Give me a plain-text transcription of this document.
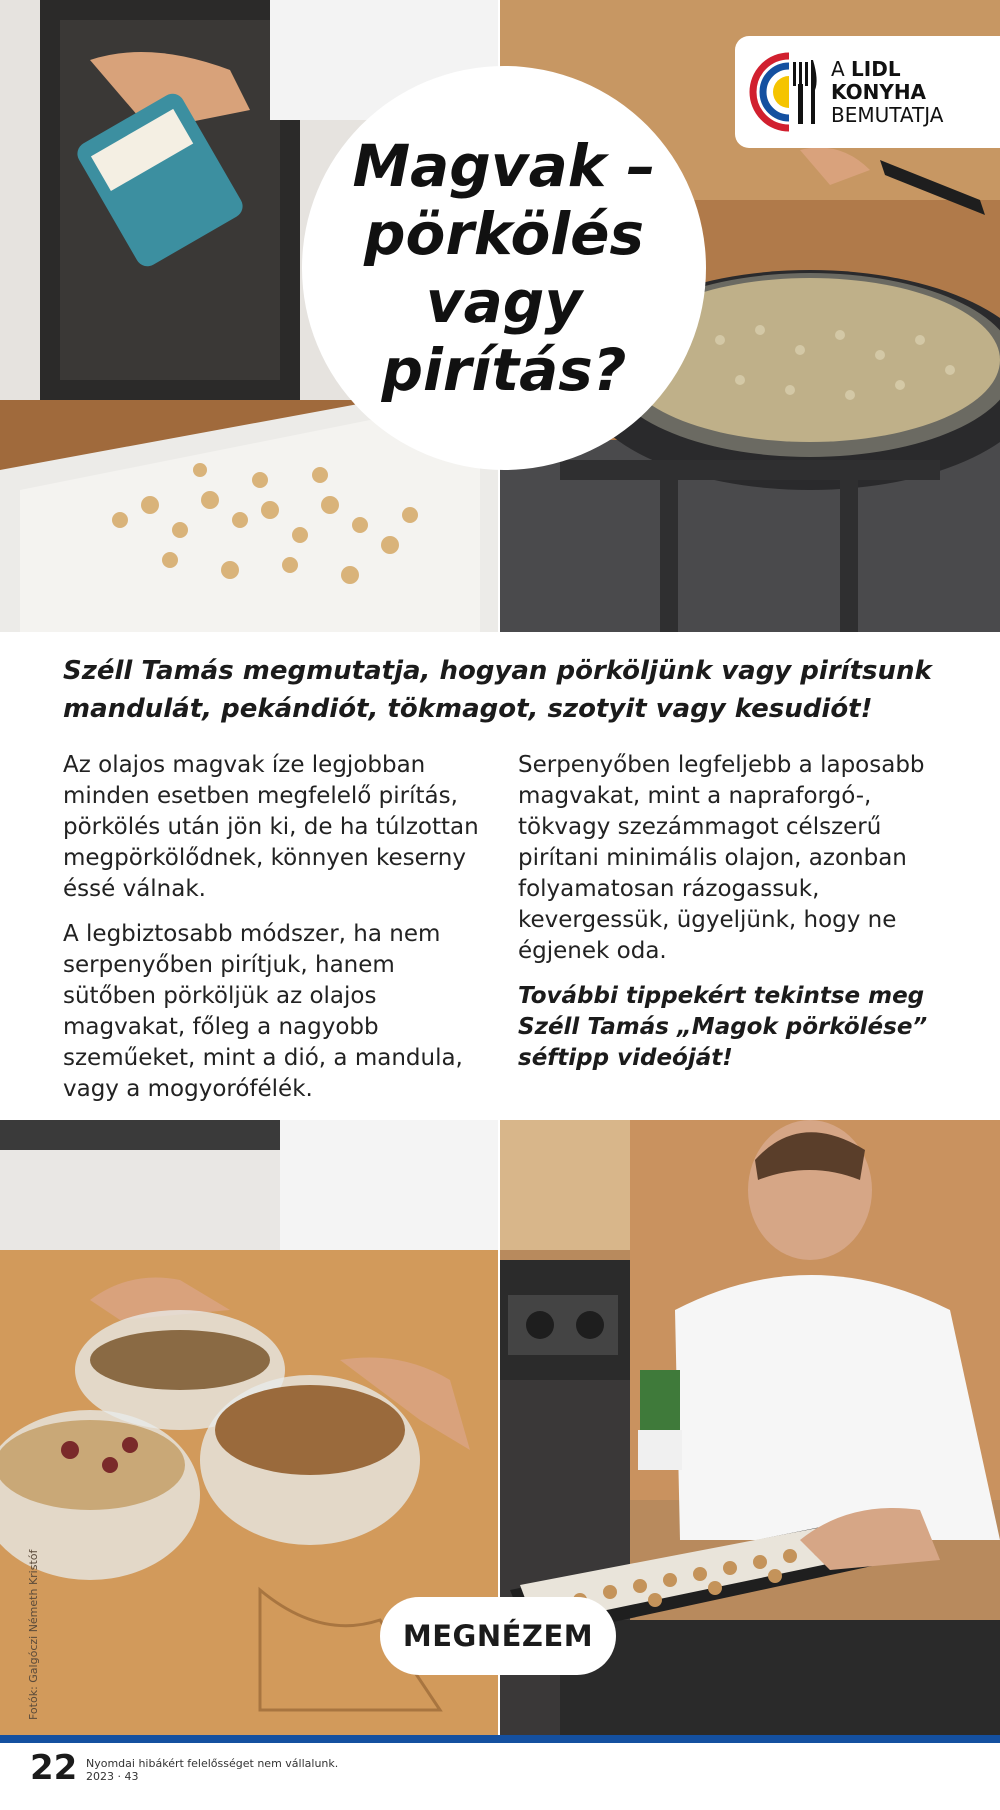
Magvak – pörkölés vagy pirítás?
A LIDL
KONYHA
BEMUTATJA

Széll Tamás megmutatja, hogyan pörköljünk vagy pirítsunk mandulát, pekándiót, tökmagot, szotyit vagy kesudiót!

Az olajos magvak íze legjobban minden esetben megfelelő pirítás, pörkölés után jön ki, de ha túlzottan megpörkölődnek, könnyen keserny​éssé válnak.

A legbiztosabb módszer, ha nem serpenyőben pirítjuk, hanem sütőben pörköljük az olajos magvakat, főleg a nagyobb szeműeket, mint a dió, a mandula, vagy a mogyorófélék.

Serpenyőben legfeljebb a laposabb magvakat, mint a napraforgó-, tökvagy szezámmagot célszerű pirítani minimális olajon, azonban folyamatosan rázogassuk, kevergessük, ügyeljünk, hogy ne égjenek oda.

További tippekért tekintse meg Széll Tamás „Magok pörkölése” séftipp videóját!

MEGNÉZEM
Fotók: Galgóczi Németh Kristóf
22 Nyomdai hibákért felelősséget nem vállalunk.
2023 · 43
